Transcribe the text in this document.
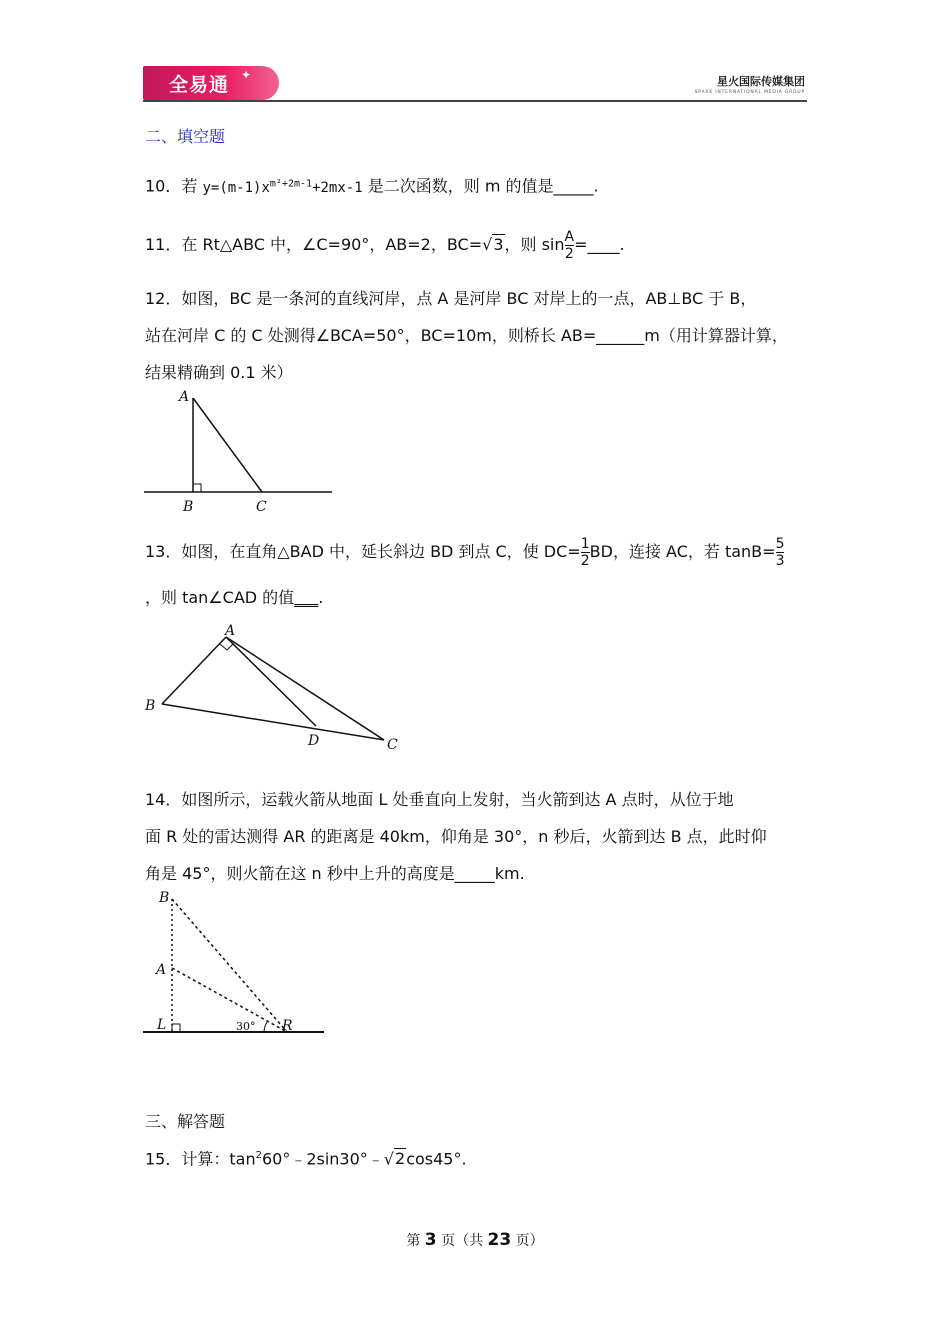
全易通 ✦	星火国际传媒集团
SPARK INTERNATIONAL MEDIA GROUP
二、填空题
10．若 $y=(m-1)x^{m^2+2m-1}+2mx-1$ 是二次函数，则 m 的值是_____.
11．在 Rt△ABC 中，∠C=90°，AB=2，BC=√3，则 $\sin \frac{A}{2}$ =____.
12．如图，BC 是一条河的直线河岸，点 A 是河岸 BC 对岸上的一点，AB⊥BC 于 B，
站在河岸 C 的 C 处测得∠BCA=50°，BC=10m，则桥长 AB=______m（用计算器计算，
结果精确到 0.1 米）
A
B	C
13．如图，在直角△BAD 中，延长斜边 BD 到点 C，使 $DC= \frac{1}{2}$ BD，连接 AC，若 $\tan B= \frac{5}{3}$
，则 tan∠CAD 的值___.
A
B
D	C
14．如图所示，运载火箭从地面 L 处垂直向上发射，当火箭到达 A 点时，从位于地
面 R 处的雷达测得 AR 的距离是 40km，仰角是 30°，n 秒后，火箭到达 B 点，此时仰
角是 45°，则火箭在这 n 秒中上升的高度是_____km.
B
A
L	R
30°
三、解答题
15．计算：$\tan^260^\circ﹣2\sin 30^\circ﹣√2\cos 45^\circ$.
第 3 页（共 23 页）
